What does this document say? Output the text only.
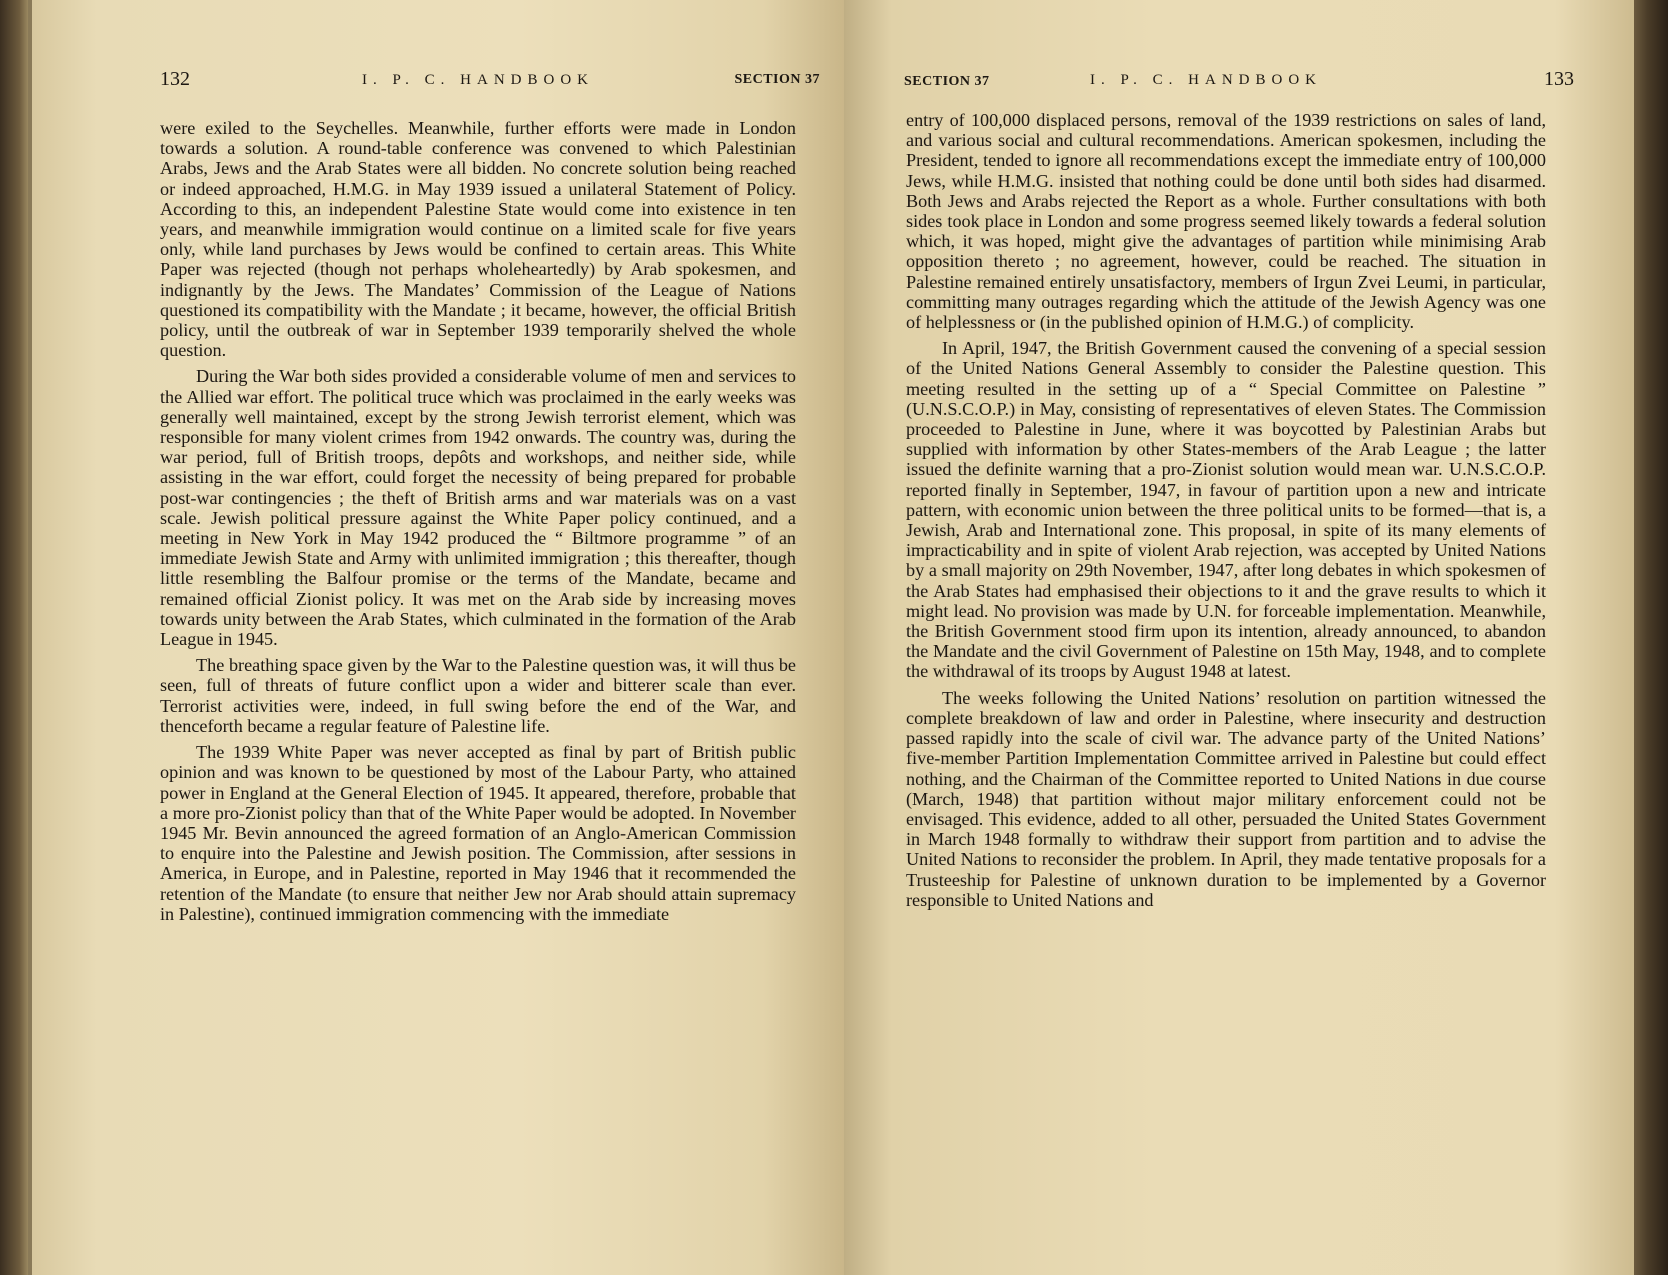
132	I. P. C. HANDBOOK	SECTION 37

were exiled to the Seychelles. Meanwhile, further efforts were made in London towards a solution. A round-table conference was convened to which Palestinian Arabs, Jews and the Arab States were all bidden. No concrete solution being reached or indeed approached, H.M.G. in May 1939 issued a unilateral Statement of Policy. According to this, an independent Palestine State would come into existence in ten years, and meanwhile immigration would continue on a limited scale for five years only, while land purchases by Jews would be confined to certain areas. This White Paper was rejected (though not perhaps wholeheartedly) by Arab spokesmen, and indignantly by the Jews. The Mandates’ Commission of the League of Nations questioned its compatibility with the Mandate ; it became, however, the official British policy, until the outbreak of war in September 1939 temporarily shelved the whole question.

During the War both sides provided a considerable volume of men and services to the Allied war effort. The political truce which was proclaimed in the early weeks was generally well maintained, except by the strong Jewish terrorist element, which was responsible for many violent crimes from 1942 onwards. The country was, during the war period, full of British troops, depôts and workshops, and neither side, while assisting in the war effort, could forget the necessity of being prepared for probable post-war contingencies ; the theft of British arms and war materials was on a vast scale. Jewish political pressure against the White Paper policy continued, and a meeting in New York in May 1942 produced the “ Biltmore programme ” of an immediate Jewish State and Army with unlimited immigration ; this thereafter, though little resembling the Balfour promise or the terms of the Mandate, became and remained official Zionist policy. It was met on the Arab side by increasing moves towards unity between the Arab States, which culminated in the formation of the Arab League in 1945.

The breathing space given by the War to the Palestine question was, it will thus be seen, full of threats of future conflict upon a wider and bitterer scale than ever. Terrorist activities were, indeed, in full swing before the end of the War, and thenceforth became a regular feature of Palestine life.

The 1939 White Paper was never accepted as final by part of British public opinion and was known to be questioned by most of the Labour Party, who attained power in England at the General Election of 1945. It appeared, therefore, probable that a more pro-Zionist policy than that of the White Paper would be adopted. In November 1945 Mr. Bevin announced the agreed formation of an Anglo-American Commission to enquire into the Palestine and Jewish position. The Commission, after sessions in America, in Europe, and in Palestine, reported in May 1946 that it recommended the retention of the Mandate (to ensure that neither Jew nor Arab should attain supremacy in Palestine), continued immigration commencing with the immediate

SECTION 37	I. P. C. HANDBOOK	133

entry of 100,000 displaced persons, removal of the 1939 restrictions on sales of land, and various social and cultural recommendations. American spokesmen, including the President, tended to ignore all recommendations except the immediate entry of 100,000 Jews, while H.M.G. insisted that nothing could be done until both sides had disarmed. Both Jews and Arabs rejected the Report as a whole. Further consultations with both sides took place in London and some progress seemed likely towards a federal solution which, it was hoped, might give the advantages of partition while minimising Arab opposition thereto ; no agreement, however, could be reached. The situation in Palestine remained entirely unsatisfactory, members of Irgun Zvei Leumi, in particular, committing many outrages regarding which the attitude of the Jewish Agency was one of helplessness or (in the published opinion of H.M.G.) of complicity.

In April, 1947, the British Government caused the convening of a special session of the United Nations General Assembly to consider the Palestine question. This meeting resulted in the setting up of a “ Special Committee on Palestine ” (U.N.S.C.O.P.) in May, consisting of representatives of eleven States. The Commission proceeded to Palestine in June, where it was boycotted by Palestinian Arabs but supplied with information by other States-members of the Arab League ; the latter issued the definite warning that a pro-Zionist solution would mean war. U.N.S.C.O.P. reported finally in September, 1947, in favour of partition upon a new and intricate pattern, with economic union between the three political units to be formed—that is, a Jewish, Arab and International zone. This proposal, in spite of its many elements of impracticability and in spite of violent Arab rejection, was accepted by United Nations by a small majority on 29th November, 1947, after long debates in which spokesmen of the Arab States had emphasised their objections to it and the grave results to which it might lead. No provision was made by U.N. for forceable implementation. Meanwhile, the British Government stood firm upon its intention, already announced, to abandon the Mandate and the civil Government of Palestine on 15th May, 1948, and to complete the withdrawal of its troops by August 1948 at latest.

The weeks following the United Nations’ resolution on partition witnessed the complete breakdown of law and order in Palestine, where insecurity and destruction passed rapidly into the scale of civil war. The advance party of the United Nations’ five-member Partition Implementation Committee arrived in Palestine but could effect nothing, and the Chairman of the Committee reported to United Nations in due course (March, 1948) that partition without major military enforcement could not be envisaged. This evidence, added to all other, persuaded the United States Government in March 1948 formally to withdraw their support from partition and to advise the United Nations to reconsider the problem. In April, they made tentative proposals for a Trusteeship for Palestine of unknown duration to be implemented by a Governor responsible to United Nations and
